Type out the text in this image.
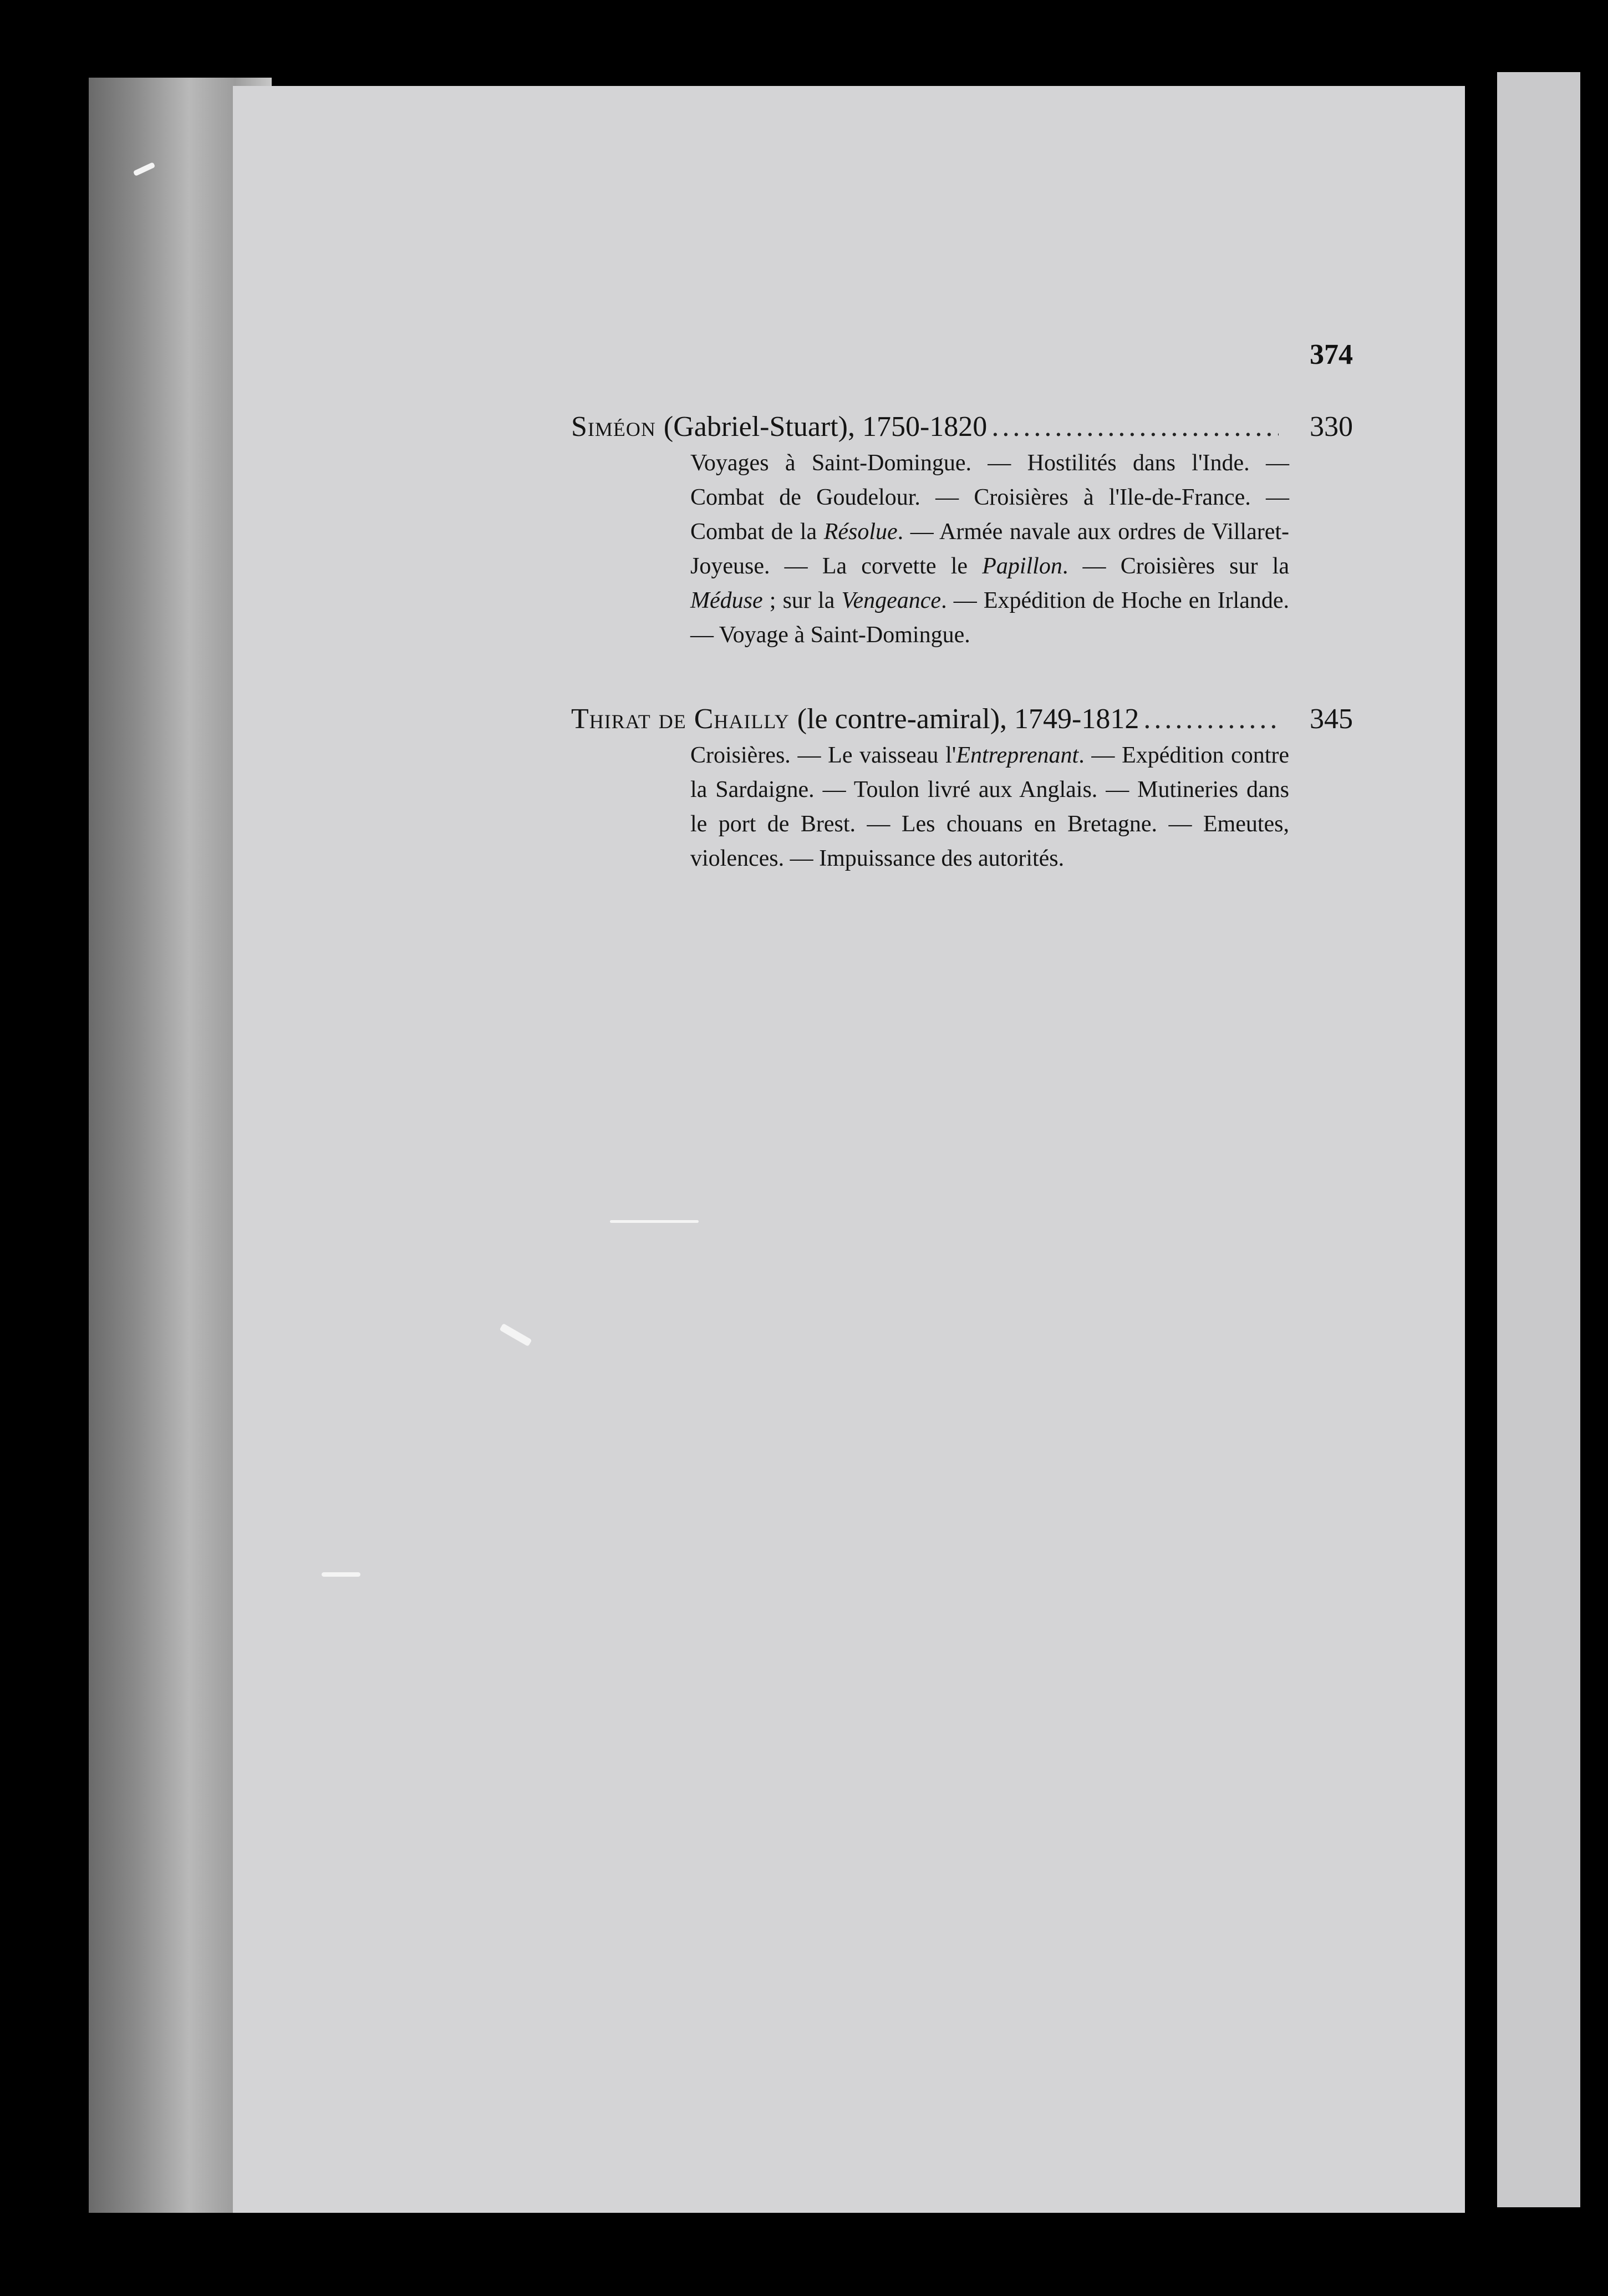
374
Siméon (Gabriel-Stuart), 1750-1820 .....	330
Voyages à Saint-Domingue. — Hostilités dans l'Inde. — Combat de Goudelour. — Croisières à l'Ile-de-France. — Combat de la Résolue. — Armée navale aux ordres de Villaret-Joyeuse. — La corvette le Papillon. — Croisières sur la Méduse ; sur la Vengeance. — Expédition de Hoche en Irlande. — Voyage à Saint-Domingue.
Thirat de Chailly (le contre-amiral), 1749-1812 .....	345
Croisières. — Le vaisseau l'Entreprenant. — Expédition contre la Sardaigne. — Toulon livré aux Anglais. — Mutineries dans le port de Brest. — Les chouans en Bretagne. — Emeutes, violences. — Impuissance des autorités.
